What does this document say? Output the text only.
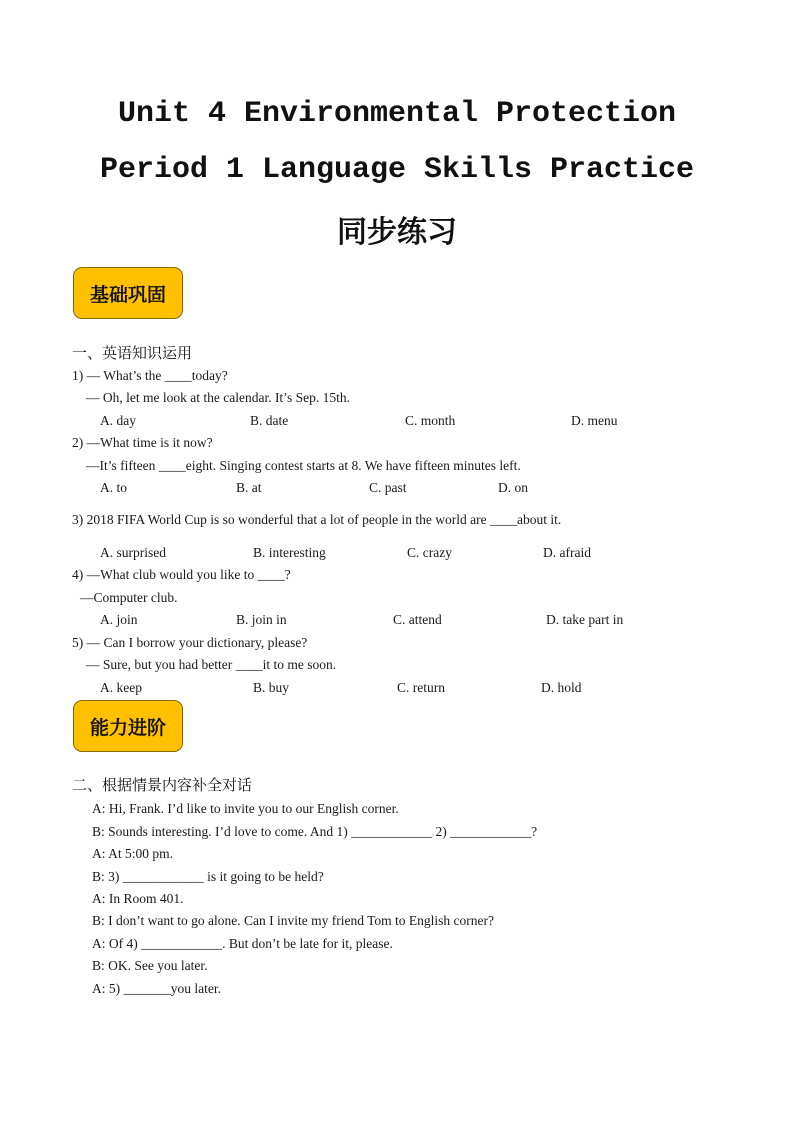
Unit 4 Environmental Protection
Period 1 Language Skills Practice
同步练习
基础巩固
一、英语知识运用
1) — What’s the ____today?
— Oh, let me look at the calendar. It’s Sep. 15th.
A. day	B. date	C. month	D. menu
2) —What time is it now?
—It’s fifteen ____eight. Singing contest starts at 8. We have fifteen minutes left.
A. to	B. at	C. past	D. on
3) 2018 FIFA World Cup is so wonderful that a lot of people in the world are ____about it.
A. surprised	B. interesting	C. crazy	D. afraid
4) —What club would you like to ____?
—Computer club.
A. join	B. join in	C. attend	D. take part in
5) — Can I borrow your dictionary, please?
— Sure, but you had better ____it to me soon.
A. keep	B. buy	C. return	D. hold
能力进阶
二、根据情景内容补全对话
A: Hi, Frank. I’d like to invite you to our English corner.
B: Sounds interesting. I’d love to come. And 1) ____________ 2) ____________?
A: At 5:00 pm.
B: 3) ____________ is it going to be held?
A: In Room 401.
B: I don’t want to go alone. Can I invite my friend Tom to English corner?
A: Of 4) ____________. But don’t be late for it, please.
B: OK. See you later.
A: 5) _______you later.
